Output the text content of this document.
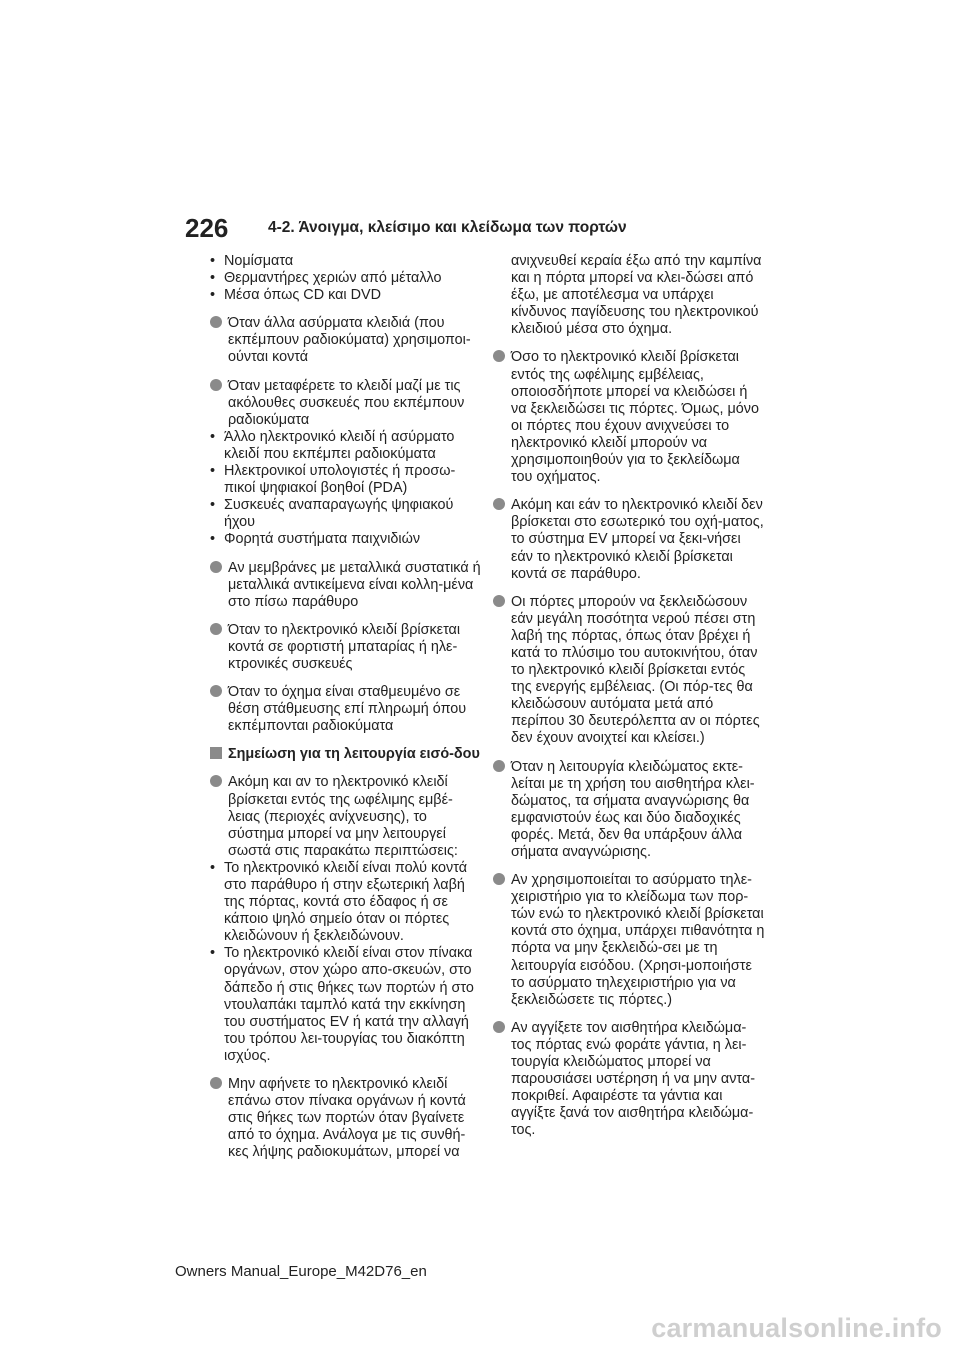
226	4-2. Άνοιγμα, κλείσιμο και κλείδωμα των πορτών

• Νομίσματα

• Θερμαντήρες χεριών από μέταλλο

• Μέσα όπως CD και DVD

Όταν άλλα ασύρματα κλειδιά (που εκπέμπουν ραδιοκύματα) χρησιμοποι-ούνται κοντά

Όταν μεταφέρετε το κλειδί μαζί με τις ακόλουθες συσκευές που εκπέμπουν ραδιοκύματα

• Άλλο ηλεκτρονικό κλειδί ή ασύρματο κλειδί που εκπέμπει ραδιοκύματα

• Ηλεκτρονικοί υπολογιστές ή προσω-πικοί ψηφιακοί βοηθοί (PDA)

• Συσκευές αναπαραγωγής ψηφιακού ήχου

• Φορητά συστήματα παιχνιδιών

Αν μεμβράνες με μεταλλικά συστατικά ή μεταλλικά αντικείμενα είναι κολλη-μένα στο πίσω παράθυρο
Όταν το ηλεκτρονικό κλειδί βρίσκεται κοντά σε φορτιστή μπαταρίας ή ηλε-κτρονικές συσκευές
Όταν το όχημα είναι σταθμευμένο σε θέση στάθμευσης επί πληρωμή όπου εκπέμπονται ραδιοκύματα
Σημείωση για τη λειτουργία εισό-δου

Ακόμη και αν το ηλεκτρονικό κλειδί βρίσκεται εντός της ωφέλιμης εμβέ-λειας (περιοχές ανίχνευσης), το σύστημα μπορεί να μην λειτουργεί σωστά στις παρακάτω περιπτώσεις:

• Το ηλεκτρονικό κλειδί είναι πολύ κοντά στο παράθυρο ή στην εξωτερική λαβή της πόρτας, κοντά στο έδαφος ή σε κάποιο ψηλό σημείο όταν οι πόρτες κλειδώνουν ή ξεκλειδώνουν.

• Το ηλεκτρονικό κλειδί είναι στον πίνακα οργάνων, στον χώρο απο-σκευών, στο δάπεδο ή στις θήκες των πορτών ή στο ντουλαπάκι ταμπλό κατά την εκκίνηση του συστήματος EV ή κατά την αλλαγή του τρόπου λει-τουργίας του διακόπτη ισχύος.

Μην αφήνετε το ηλεκτρονικό κλειδί επάνω στον πίνακα οργάνων ή κοντά στις θήκες των πορτών όταν βγαίνετε από το όχημα. Ανάλογα με τις συνθή-κες λήψης ραδιοκυμάτων, μπορεί να
ανιχνευθεί κεραία έξω από την καμπίνα και η πόρτα μπορεί να κλει-δώσει από έξω, με αποτέλεσμα να υπάρχει κίνδυνος παγίδευσης του ηλεκτρονικού κλειδιού μέσα στο όχημα.
Όσο το ηλεκτρονικό κλειδί βρίσκεται εντός της ωφέλιμης εμβέλειας, οποιοσδήποτε μπορεί να κλειδώσει ή να ξεκλειδώσει τις πόρτες. Όμως, μόνο οι πόρτες που έχουν ανιχνεύσει το ηλεκτρονικό κλειδί μπορούν να χρησιμοποιηθούν για το ξεκλείδωμα του οχήματος.
Ακόμη και εάν το ηλεκτρονικό κλειδί δεν βρίσκεται στο εσωτερικό του οχή-ματος, το σύστημα EV μπορεί να ξεκι-νήσει εάν το ηλεκτρονικό κλειδί βρίσκεται κοντά σε παράθυρο.
Οι πόρτες μπορούν να ξεκλειδώσουν εάν μεγάλη ποσότητα νερού πέσει στη λαβή της πόρτας, όπως όταν βρέχει ή κατά το πλύσιμο του αυτοκινήτου, όταν το ηλεκτρονικό κλειδί βρίσκεται εντός της ενεργής εμβέλειας. (Οι πόρ-τες θα κλειδώσουν αυτόματα μετά από περίπου 30 δευτερόλεπτα αν οι πόρτες δεν έχουν ανοιχτεί και κλείσει.)
Όταν η λειτουργία κλειδώματος εκτε-λείται με τη χρήση του αισθητήρα κλει-δώματος, τα σήματα αναγνώρισης θα εμφανιστούν έως και δύο διαδοχικές φορές. Μετά, δεν θα υπάρξουν άλλα σήματα αναγνώρισης.
Αν χρησιμοποιείται το ασύρματο τηλε-χειριστήριο για το κλείδωμα των πορ-τών ενώ το ηλεκτρονικό κλειδί βρίσκεται κοντά στο όχημα, υπάρχει πιθανότητα η πόρτα να μην ξεκλειδώ-σει με τη λειτουργία εισόδου. (Χρησι-μοποιήστε το ασύρματο τηλεχειριστήριο για να ξεκλειδώσετε τις πόρτες.)
Αν αγγίξετε τον αισθητήρα κλειδώμα-τος πόρτας ενώ φοράτε γάντια, η λει-τουργία κλειδώματος μπορεί να παρουσιάσει υστέρηση ή να μην αντα-ποκριθεί. Αφαιρέστε τα γάντια και αγγίξτε ξανά τον αισθητήρα κλειδώμα-τος.
Owners Manual_Europe_M42D76_en
carmanualsonline.info
